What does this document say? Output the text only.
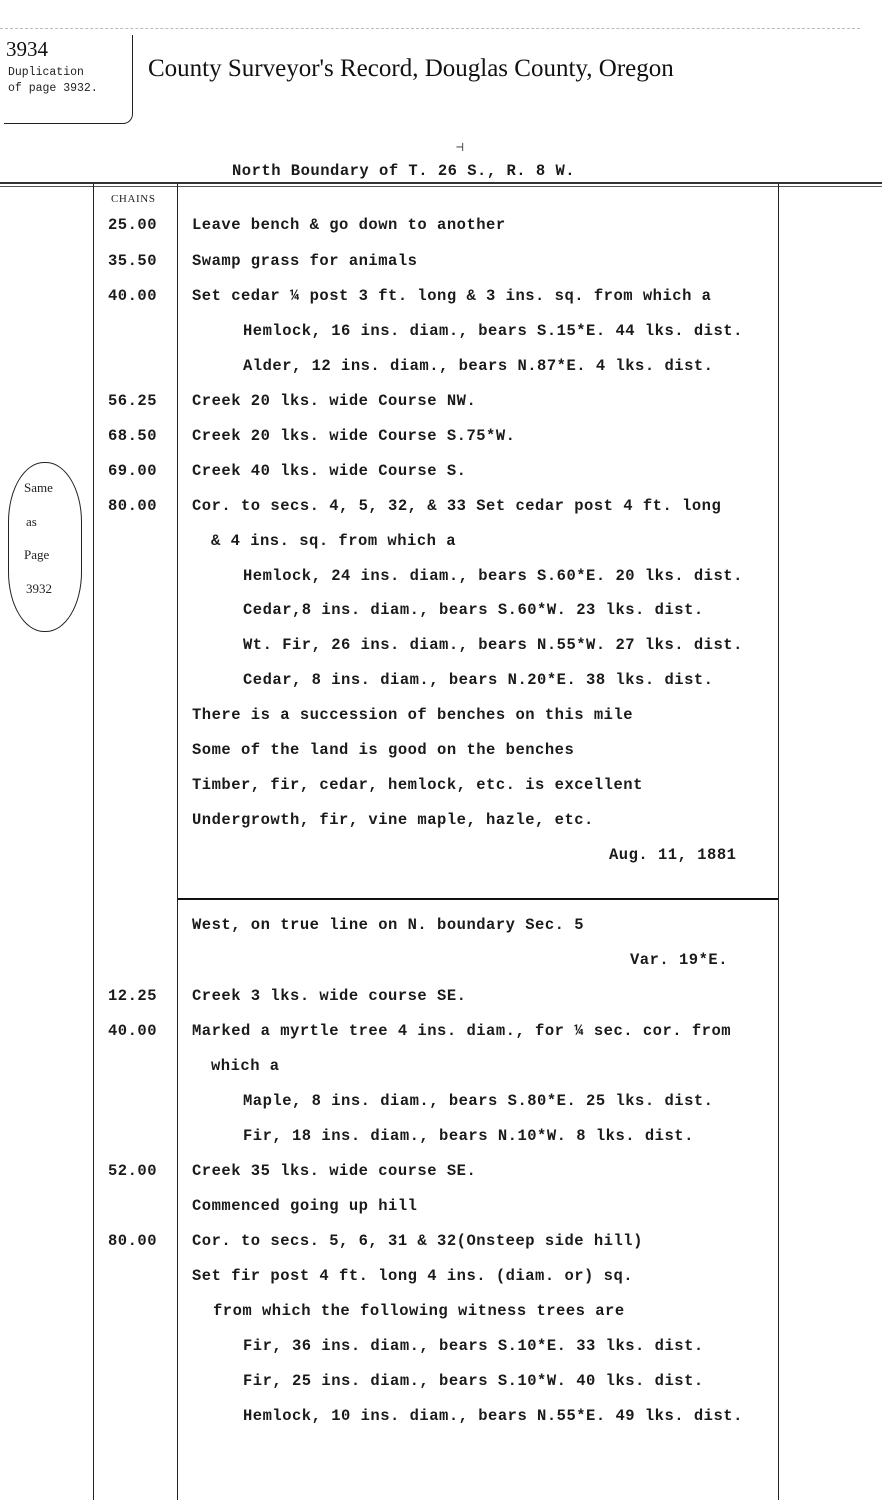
3934
Duplication
of page 3932.
County Surveyor's Record, Douglas County, Oregon
⊣
North Boundary of T. 26 S., R. 8 W.
CHAINS
Same
as
Page
3932
25.00 Leave bench & go down to another
35.50 Swamp grass for animals
40.00 Set cedar ¼ post 3 ft. long & 3 ins. sq. from which a
Hemlock, 16 ins. diam., bears S.15*E. 44 lks. dist.
Alder, 12 ins. diam., bears N.87*E. 4 lks. dist.
56.25 Creek 20 lks. wide Course NW.
68.50 Creek 20 lks. wide Course S.75*W.
69.00 Creek 40 lks. wide Course S.
80.00 Cor. to secs. 4, 5, 32, & 33 Set cedar post 4 ft. long
& 4 ins. sq. from which a
Hemlock, 24 ins. diam., bears S.60*E. 20 lks. dist.
Cedar,8 ins. diam., bears S.60*W. 23 lks. dist.
Wt. Fir, 26 ins. diam., bears N.55*W. 27 lks. dist.
Cedar, 8 ins. diam., bears N.20*E. 38 lks. dist.
There is a succession of benches on this mile
Some of the land is good on the benches
Timber, fir, cedar, hemlock, etc. is excellent
Undergrowth, fir, vine maple, hazle, etc.
Aug. 11, 1881
West, on true line on N. boundary Sec. 5
Var. 19*E.
12.25 Creek 3 lks. wide course SE.
40.00 Marked a myrtle tree 4 ins. diam., for ¼ sec. cor. from
which a
Maple, 8 ins. diam., bears S.80*E. 25 lks. dist.
Fir, 18 ins. diam., bears N.10*W. 8 lks. dist.
52.00 Creek 35 lks. wide course SE.
Commenced going up hill
80.00 Cor. to secs. 5, 6, 31 & 32(Onsteep side hill)
Set fir post 4 ft. long 4 ins. (diam. or) sq.
from which the following witness trees are
Fir, 36 ins. diam., bears S.10*E. 33 lks. dist.
Fir, 25 ins. diam., bears S.10*W. 40 lks. dist.
Hemlock, 10 ins. diam., bears N.55*E. 49 lks. dist.
